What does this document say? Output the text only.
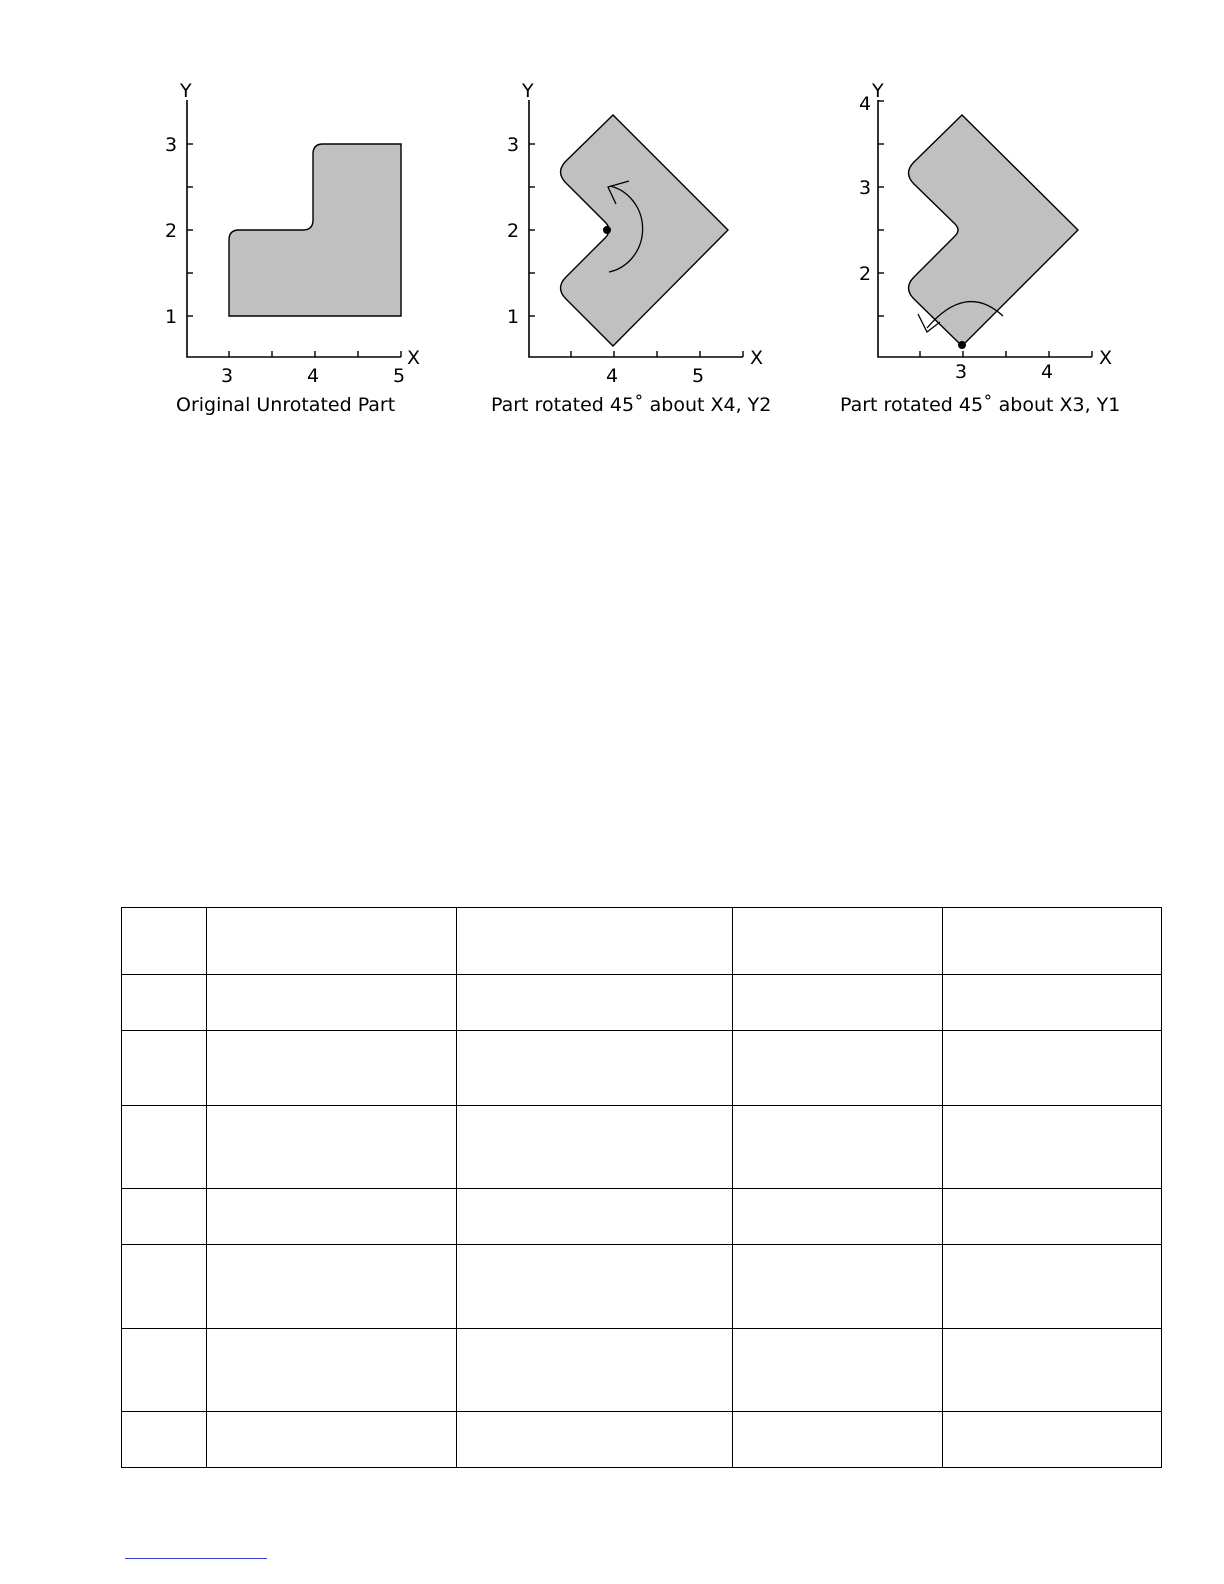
Y
X
3
2
1
3	4	5
Original Unrotated Part
Y
X
3
2
1
4	5
Part rotated 45˚ about X4, Y2
Y
X
4
3
2
3	4
Part rotated 45˚ about X3, Y1
